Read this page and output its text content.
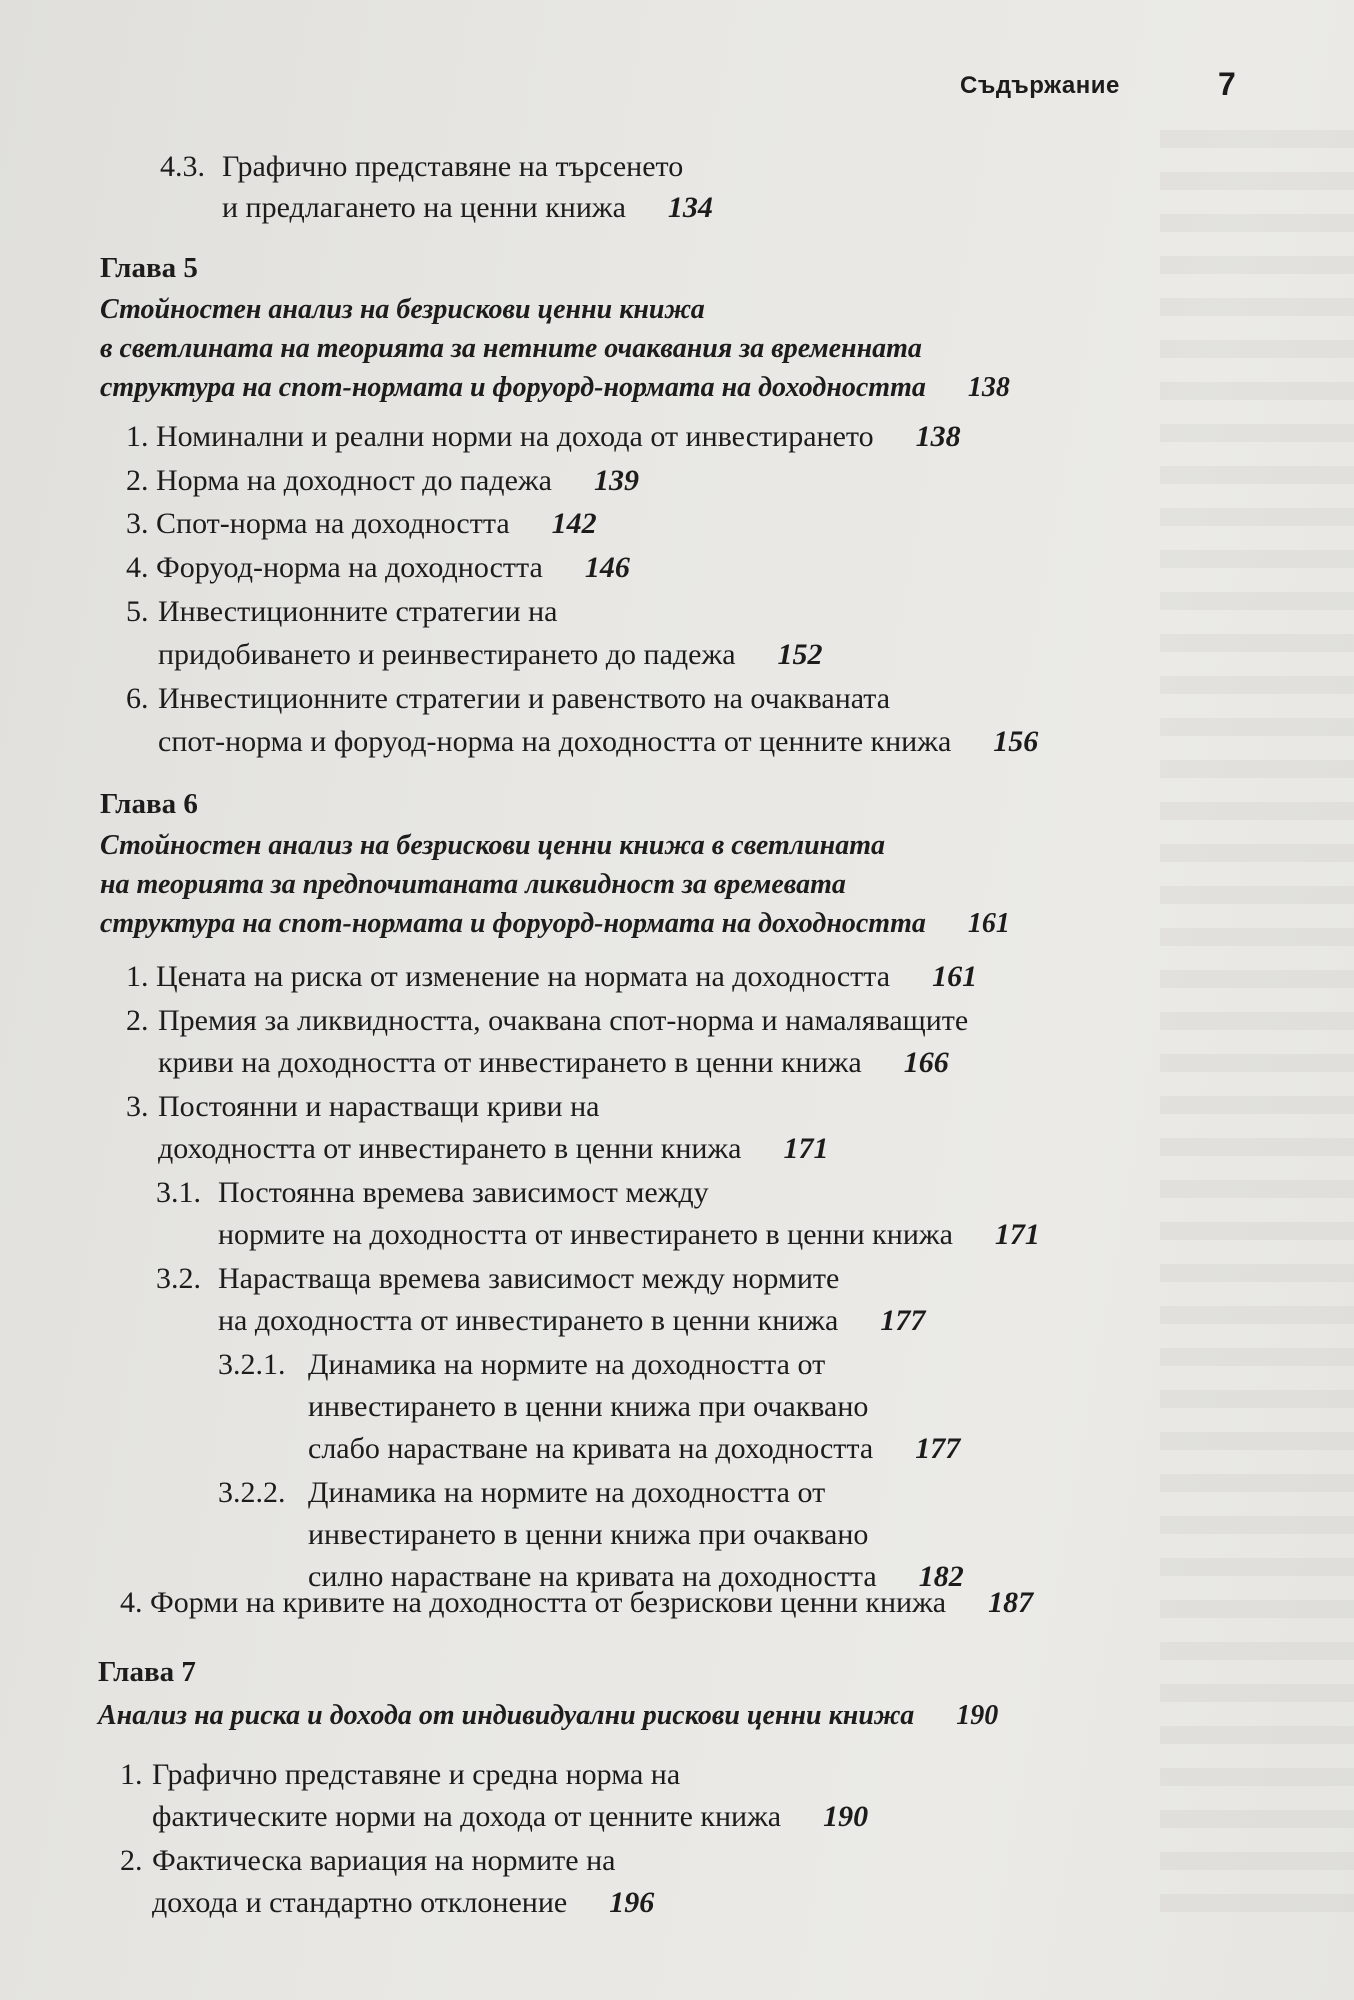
Съдържание	7
4.3. Графично представяне на търсенето
и предлагането на ценни книжа 134
Глава 5
Стойностен анализ на безрискови ценни книжа
в светлината на теорията за нетните очаквания за временната
структура на спот-нормата и форуорд-нормата на доходността 138
1. Номинални и реални норми на дохода от инвестирането 138
2. Норма на доходност до падежа 139
3. Спот-норма на доходността 142
4. Форуод-норма на доходността 146
5. Инвестиционните стратегии на
придобиването и реинвестирането до падежа 152
6. Инвестиционните стратегии и равенството на очакваната
спот-норма и форуод-норма на доходността от ценните книжа 156
Глава 6
Стойностен анализ на безрискови ценни книжа в светлината
на теорията за предпочитаната ликвидност за времевата
структура на спот-нормата и форуорд-нормата на доходността 161
1. Цената на риска от изменение на нормата на доходността 161
2. Премия за ликвидността, очаквана спот-норма и намаляващите
криви на доходността от инвестирането в ценни книжа 166
3. Постоянни и нарастващи криви на
доходността от инвестирането в ценни книжа 171
3.1. Постоянна времева зависимост между
нормите на доходността от инвестирането в ценни книжа 171
3.2. Нарастваща времева зависимост между нормите
на доходността от инвестирането в ценни книжа 177
3.2.1. Динамика на нормите на доходността от
инвестирането в ценни книжа при очаквано
слабо нарастване на кривата на доходността 177
3.2.2. Динамика на нормите на доходността от
инвестирането в ценни книжа при очаквано
силно нарастване на кривата на доходността 182
4. Форми на кривите на доходността от безрискови ценни книжа 187
Глава 7
Анализ на риска и дохода от индивидуални рискови ценни книжа 190
1. Графично представяне и средна норма на
фактическите норми на дохода от ценните книжа 190
2. Фактическа вариация на нормите на
дохода и стандартно отклонение 196
